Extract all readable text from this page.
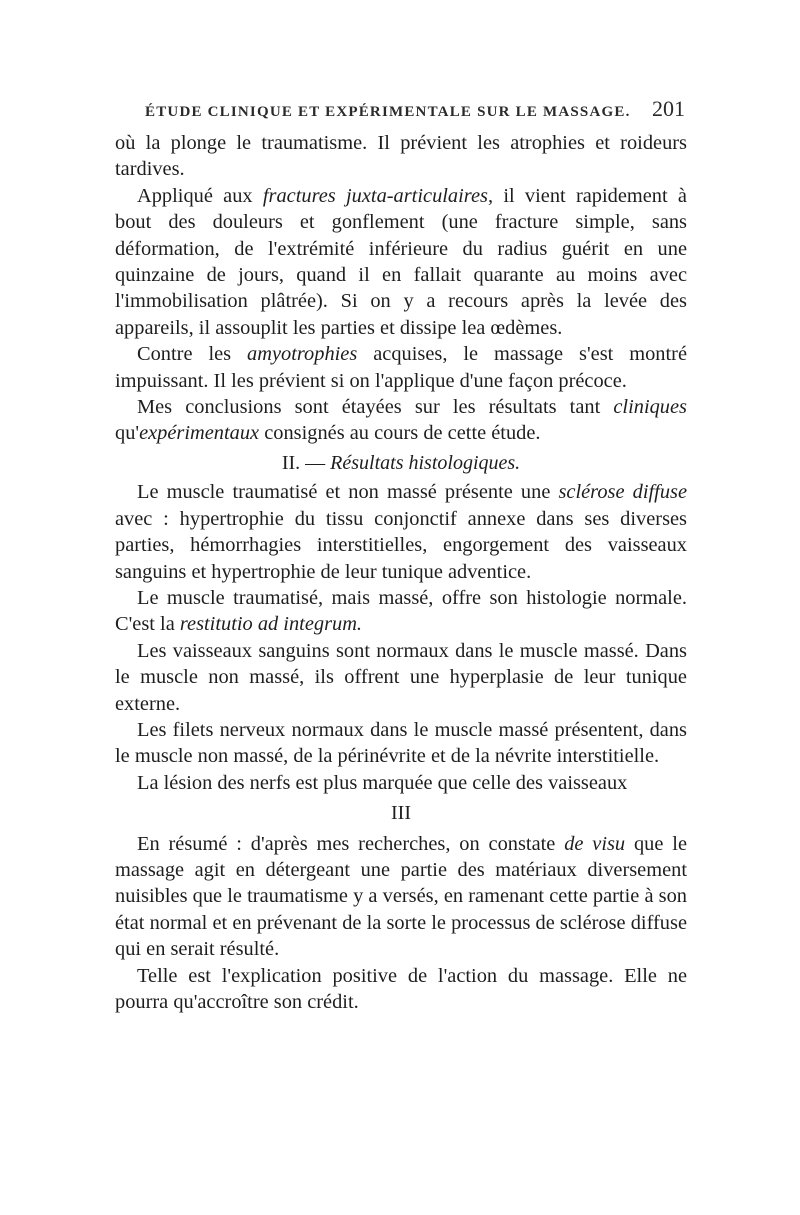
ÉTUDE CLINIQUE ET EXPÉRIMENTALE SUR LE MASSAGE. 201

où la plonge le traumatisme. Il prévient les atrophies et roideurs tardives.

Appliqué aux fractures juxta-articulaires, il vient rapidement à bout des douleurs et gonflement (une fracture simple, sans déformation, de l'extrémité inférieure du radius guérit en une quinzaine de jours, quand il en fallait quarante au moins avec l'immobilisation plâtrée). Si on y a recours après la levée des appareils, il assouplit les parties et dissipe lea œdèmes.

Contre les amyotrophies acquises, le massage s'est montré impuissant. Il les prévient si on l'applique d'une façon précoce.

Mes conclusions sont étayées sur les résultats tant cliniques qu'expérimentaux consignés au cours de cette étude.

II. — Résultats histologiques.

Le muscle traumatisé et non massé présente une sclérose diffuse avec : hypertrophie du tissu conjonctif annexe dans ses diverses parties, hémorrhagies interstitielles, engorgement des vaisseaux sanguins et hypertrophie de leur tunique adventice.

Le muscle traumatisé, mais massé, offre son histologie normale. C'est la restitutio ad integrum.

Les vaisseaux sanguins sont normaux dans le muscle massé. Dans le muscle non massé, ils offrent une hyperplasie de leur tunique externe.

Les filets nerveux normaux dans le muscle massé présentent, dans le muscle non massé, de la périnévrite et de la névrite interstitielle.

La lésion des nerfs est plus marquée que celle des vaisseaux

III

En résumé : d'après mes recherches, on constate de visu que le massage agit en détergeant une partie des matériaux diversement nuisibles que le traumatisme y a versés, en ramenant cette partie à son état normal et en prévenant de la sorte le processus de sclérose diffuse qui en serait résulté.

Telle est l'explication positive de l'action du massage. Elle ne pourra qu'accroître son crédit.
